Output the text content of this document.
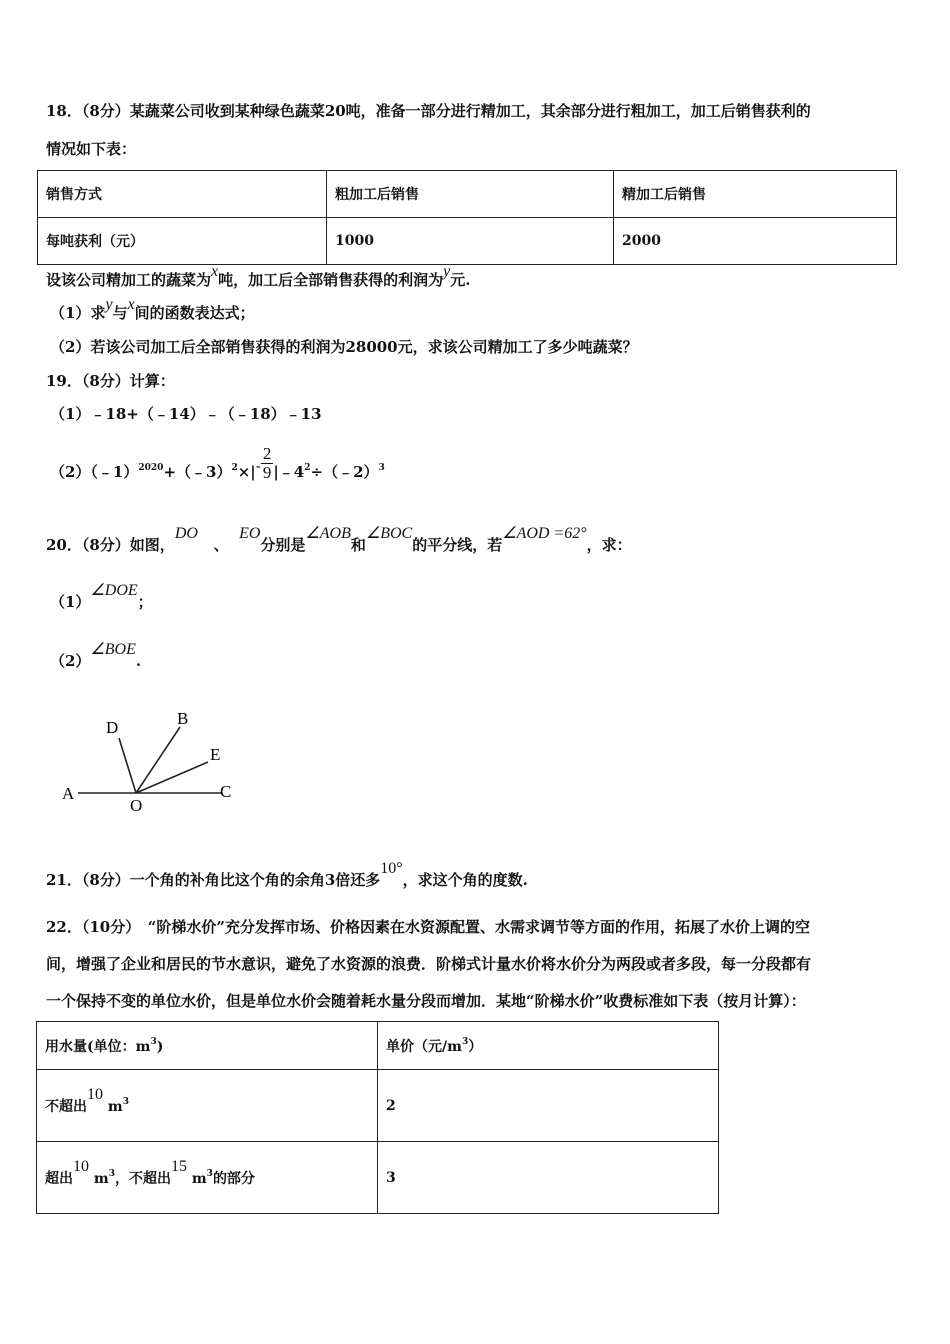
18．（8分）某蔬菜公司收到某种绿色蔬菜20吨，准备一部分进行精加工，其余部分进行粗加工，加工后销售获利的
情况如下表：
销售方式	粗加工后销售	精加工后销售
每吨获利（元）	1000	2000
设该公司精加工的蔬菜为x吨，加工后全部销售获得的利润为y元.
（1）求y与x间的函数表达式；
（2）若该公司加工后全部销售获得的利润为28000元，求该公司精加工了多少吨蔬菜？
19．（8分）计算：
（1）﹣18+（﹣14）﹣（﹣18）﹣13
（2）（﹣1）$^{2020}$+（﹣3）$^2$×|- $\frac{2}{9}$ $|﹣4^2\div(﹣2)^3$
20．（8分）如图，DO   、  EO分别是∠AOB和∠BOC的平分线，若∠AOD =62°，求：
（1）∠DOE；
（2）∠BOE.
A
O
C
D	B
E
21．（8分）一个角的补角比这个角的余角3倍还多10°，求这个角的度数.
22．（10分）　“阶梯水价”充分发挥市场、价格因素在水资源配置、水需求调节等方面的作用，拓展了水价上调的空
间，增强了企业和居民的节水意识，避免了水资源的浪费．阶梯式计量水价将水价分为两段或者多段，每一分段都有
一个保持不变的单位水价，但是单位水价会随着耗水量分段而增加．某地“阶梯水价”收费标准如下表（按月计算）：
用水量(单位：$m^3$)	单价（元$/m^3$）
不超出10 $m^3$	2
超出10 $m^3$，不超出15 $m^3$的部分	3
